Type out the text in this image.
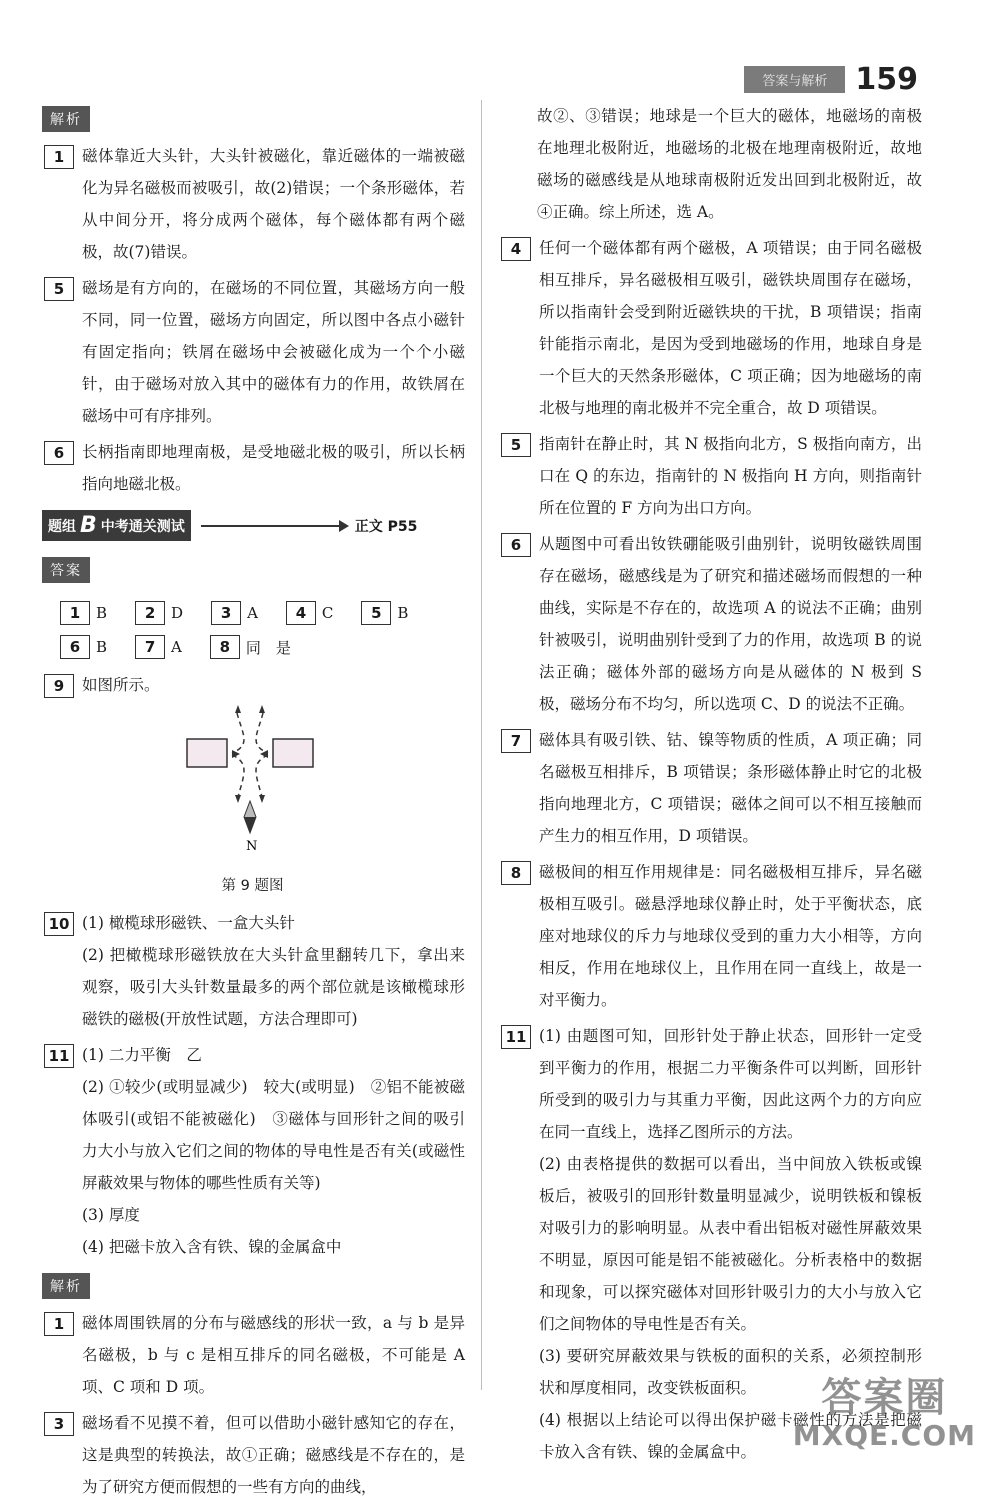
答案与解析 159
解析
1	磁体靠近大头针，大头针被磁化，靠近磁体的一端被磁化为异名磁极而被吸引，故(2)错误；一个条形磁体，若从中间分开，将分成两个磁体，每个磁体都有两个磁极，故(7)错误。
5	磁场是有方向的，在磁场的不同位置，其磁场方向一般不同，同一位置，磁场方向固定，所以图中各点小磁针有固定指向；铁屑在磁场中会被磁化成为一个个小磁针，由于磁场对放入其中的磁体有力的作用，故铁屑在磁场中可有序排列。
6	长柄指南即地理南极，是受地磁北极的吸引，所以长柄指向地磁北极。
题组 B 中考通关测试	正文 P55
答案
1	B	2	D	3	A	4	C	5	B
6	B	7	A	8	同　是
9	如图所示。
N
第 9 题图
10 (1) 橄榄球形磁铁、一盒大头针
(2) 把橄榄球形磁铁放在大头针盒里翻转几下，拿出来观察，吸引大头针数量最多的两个部位就是该橄榄球形磁铁的磁极(开放性试题，方法合理即可)
11 (1) 二力平衡　乙
(2) ①较少(或明显减少)　较大(或明显)　②铝不能被磁体吸引(或铝不能被磁化)　③磁体与回形针之间的吸引力大小与放入它们之间的物体的导电性是否有关(或磁性屏蔽效果与物体的哪些性质有关等)
(3) 厚度
(4) 把磁卡放入含有铁、镍的金属盒中
解析
1	磁体周围铁屑的分布与磁感线的形状一致，a 与 b 是异名磁极，b 与 c 是相互排斥的同名磁极，不可能是 A 项、C 项和 D 项。
3	磁场看不见摸不着，但可以借助小磁针感知它的存在，这是典型的转换法，故①正确；磁感线是不存在的，是为了研究方便而假想的一些有方向的曲线，
故②、③错误；地球是一个巨大的磁体，地磁场的南极在地理北极附近，地磁场的北极在地理南极附近，故地磁场的磁感线是从地球南极附近发出回到北极附近，故④正确。综上所述，选 A。
4	任何一个磁体都有两个磁极，A 项错误；由于同名磁极相互排斥，异名磁极相互吸引，磁铁块周围存在磁场，所以指南针会受到附近磁铁块的干扰，B 项错误；指南针能指示南北，是因为受到地磁场的作用，地球自身是一个巨大的天然条形磁体，C 项正确；因为地磁场的南北极与地理的南北极并不完全重合，故 D 项错误。
5	指南针在静止时，其 N 极指向北方，S 极指向南方，出口在 Q 的东边，指南针的 N 极指向 H 方向，则指南针所在位置的 F 方向为出口方向。
6	从题图中可看出钕铁硼能吸引曲别针，说明钕磁铁周围存在磁场，磁感线是为了研究和描述磁场而假想的一种曲线，实际是不存在的，故选项 A 的说法不正确；曲别针被吸引，说明曲别针受到了力的作用，故选项 B 的说法正确；磁体外部的磁场方向是从磁体的 N 极到 S 极，磁场分布不均匀，所以选项 C、D 的说法不正确。
7	磁体具有吸引铁、钴、镍等物质的性质，A 项正确；同名磁极互相排斥，B 项错误；条形磁体静止时它的北极指向地理北方，C 项错误；磁体之间可以不相互接触而产生力的相互作用，D 项错误。
8	磁极间的相互作用规律是：同名磁极相互排斥，异名磁极相互吸引。磁悬浮地球仪静止时，处于平衡状态，底座对地球仪的斥力与地球仪受到的重力大小相等，方向相反，作用在地球仪上，且作用在同一直线上，故是一对平衡力。
11 (1) 由题图可知，回形针处于静止状态，回形针一定受到平衡力的作用，根据二力平衡条件可以判断，回形针所受到的吸引力与其重力平衡，因此这两个力的方向应在同一直线上，选择乙图所示的方法。
(2) 由表格提供的数据可以看出，当中间放入铁板或镍板后，被吸引的回形针数量明显减少，说明铁板和镍板对吸引力的影响明显。从表中看出铝板对磁性屏蔽效果不明显，原因可能是铝不能被磁化。分析表格中的数据和现象，可以探究磁体对回形针吸引力的大小与放入它们之间物体的导电性是否有关。
(3) 要研究屏蔽效果与铁板的面积的关系，必须控制形状和厚度相同，改变铁板面积。
(4) 根据以上结论可以得出保护磁卡磁性的方法是把磁卡放入含有铁、镍的金属盒中。
答案圈
MXQE.COM
